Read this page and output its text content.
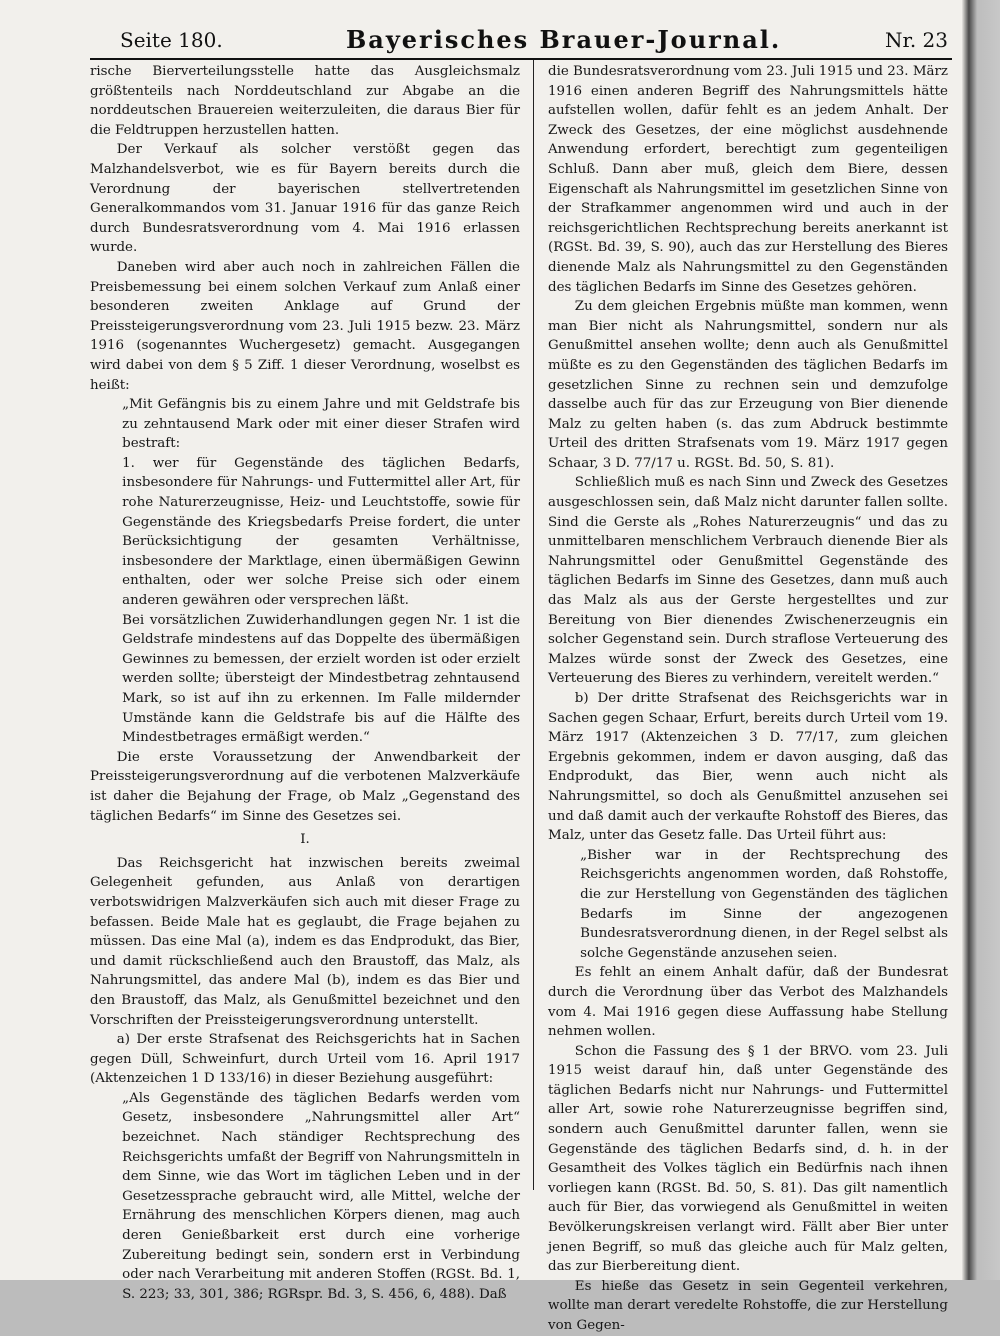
Seite 180.	Bayerisches Brauer-Journal.	Nr. 23

rische Bierverteilungsstelle hatte das Ausgleichsmalz größtenteils nach Norddeutschland zur Abgabe an die norddeutschen Brauereien weiterzuleiten, die daraus Bier für die Feldtruppen herzustellen hatten.

Der Verkauf als solcher verstößt gegen das Malzhandelsverbot, wie es für Bayern bereits durch die Verordnung der bayerischen stellvertretenden Generalkommandos vom 31. Januar 1916 für das ganze Reich durch Bundesratsverordnung vom 4. Mai 1916 erlassen wurde.

Daneben wird aber auch noch in zahlreichen Fällen die Preisbemessung bei einem solchen Verkauf zum Anlaß einer besonderen zweiten Anklage auf Grund der Preissteigerungsverordnung vom 23. Juli 1915 bezw. 23. März 1916 (sogenanntes Wuchergesetz) gemacht. Ausgegangen wird dabei von dem § 5 Ziff. 1 dieser Verordnung, woselbst es heißt:

„Mit Gefängnis bis zu einem Jahre und mit Geldstrafe bis zu zehntausend Mark oder mit einer dieser Strafen wird bestraft:

1. wer für Gegenstände des täglichen Bedarfs, insbesondere für Nahrungs- und Futtermittel aller Art, für rohe Naturerzeugnisse, Heiz- und Leuchtstoffe, sowie für Gegenstände des Kriegsbedarfs Preise fordert, die unter Berücksichtigung der gesamten Verhältnisse, insbesondere der Marktlage, einen übermäßigen Gewinn enthalten, oder wer solche Preise sich oder einem anderen gewähren oder versprechen läßt.

Bei vorsätzlichen Zuwiderhandlungen gegen Nr. 1 ist die Geldstrafe mindestens auf das Doppelte des übermäßigen Gewinnes zu bemessen, der erzielt worden ist oder erzielt werden sollte; übersteigt der Mindestbetrag zehntausend Mark, so ist auf ihn zu erkennen. Im Falle mildernder Umstände kann die Geldstrafe bis auf die Hälfte des Mindestbetrages ermäßigt werden.“

Die erste Voraussetzung der Anwendbarkeit der Preissteigerungsverordnung auf die verbotenen Malzverkäufe ist daher die Bejahung der Frage, ob Malz „Gegenstand des täglichen Bedarfs“ im Sinne des Gesetzes sei.

I.

Das Reichsgericht hat inzwischen bereits zweimal Gelegenheit gefunden, aus Anlaß von derartigen verbotswidrigen Malzverkäufen sich auch mit dieser Frage zu befassen. Beide Male hat es geglaubt, die Frage bejahen zu müssen. Das eine Mal (a), indem es das Endprodukt, das Bier, und damit rückschließend auch den Braustoff, das Malz, als Nahrungsmittel, das andere Mal (b), indem es das Bier und den Braustoff, das Malz, als Genußmittel bezeichnet und den Vorschriften der Preissteigerungsverordnung unterstellt.

a) Der erste Strafsenat des Reichsgerichts hat in Sachen gegen Düll, Schweinfurt, durch Urteil vom 16. April 1917 (Aktenzeichen 1 D 133/16) in dieser Beziehung ausgeführt:

„Als Gegenstände des täglichen Bedarfs werden vom Gesetz, insbesondere „Nahrungsmittel aller Art“ bezeichnet. Nach ständiger Rechtsprechung des Reichsgerichts umfaßt der Begriff von Nahrungsmitteln in dem Sinne, wie das Wort im täglichen Leben und in der Gesetzessprache gebraucht wird, alle Mittel, welche der Ernährung des menschlichen Körpers dienen, mag auch deren Genießbarkeit erst durch eine vorherige Zubereitung bedingt sein, sondern erst in Verbindung oder nach Verarbeitung mit anderen Stoffen (RGSt. Bd. 1, S. 223; 33, 301, 386; RGRspr. Bd. 3, S. 456, 6, 488). Daß

die Bundesratsverordnung vom 23. Juli 1915 und 23. März 1916 einen anderen Begriff des Nahrungsmittels hätte aufstellen wollen, dafür fehlt es an jedem Anhalt. Der Zweck des Gesetzes, der eine möglichst ausdehnende Anwendung erfordert, berechtigt zum gegenteiligen Schluß. Dann aber muß, gleich dem Biere, dessen Eigenschaft als Nahrungsmittel im gesetzlichen Sinne von der Strafkammer angenommen wird und auch in der reichsgerichtlichen Rechtsprechung bereits anerkannt ist (RGSt. Bd. 39, S. 90), auch das zur Herstellung des Bieres dienende Malz als Nahrungsmittel zu den Gegenständen des täglichen Bedarfs im Sinne des Gesetzes gehören.

Zu dem gleichen Ergebnis müßte man kommen, wenn man Bier nicht als Nahrungsmittel, sondern nur als Genußmittel ansehen wollte; denn auch als Genußmittel müßte es zu den Gegenständen des täglichen Bedarfs im gesetzlichen Sinne zu rechnen sein und demzufolge dasselbe auch für das zur Erzeugung von Bier dienende Malz zu gelten haben (s. das zum Abdruck bestimmte Urteil des dritten Strafsenats vom 19. März 1917 gegen Schaar, 3 D. 77/17 u. RGSt. Bd. 50, S. 81).

Schließlich muß es nach Sinn und Zweck des Gesetzes ausgeschlossen sein, daß Malz nicht darunter fallen sollte. Sind die Gerste als „Rohes Naturerzeugnis“ und das zu unmittelbaren menschlichem Verbrauch dienende Bier als Nahrungsmittel oder Genußmittel Gegenstände des täglichen Bedarfs im Sinne des Gesetzes, dann muß auch das Malz als aus der Gerste hergestelltes und zur Bereitung von Bier dienendes Zwischenerzeugnis ein solcher Gegenstand sein. Durch straflose Verteuerung des Malzes würde sonst der Zweck des Gesetzes, eine Verteuerung des Bieres zu verhindern, vereitelt werden.“

b) Der dritte Strafsenat des Reichsgerichts war in Sachen gegen Schaar, Erfurt, bereits durch Urteil vom 19. März 1917 (Aktenzeichen 3 D. 77/17, zum gleichen Ergebnis gekommen, indem er davon ausging, daß das Endprodukt, das Bier, wenn auch nicht als Nahrungsmittel, so doch als Genußmittel anzusehen sei und daß damit auch der verkaufte Rohstoff des Bieres, das Malz, unter das Gesetz falle. Das Urteil führt aus:

„Bisher war in der Rechtsprechung des Reichsgerichts angenommen worden, daß Rohstoffe, die zur Herstellung von Gegenständen des täglichen Bedarfs im Sinne der angezogenen Bundesratsverordnung dienen, in der Regel selbst als solche Gegenstände anzusehen seien.

Es fehlt an einem Anhalt dafür, daß der Bundesrat durch die Verordnung über das Verbot des Malzhandels vom 4. Mai 1916 gegen diese Auffassung habe Stellung nehmen wollen.

Schon die Fassung des § 1 der BRVO. vom 23. Juli 1915 weist darauf hin, daß unter Gegenstände des täglichen Bedarfs nicht nur Nahrungs- und Futtermittel aller Art, sowie rohe Naturerzeugnisse begriffen sind, sondern auch Genußmittel darunter fallen, wenn sie Gegenstände des täglichen Bedarfs sind, d. h. in der Gesamtheit des Volkes täglich ein Bedürfnis nach ihnen vorliegen kann (RGSt. Bd. 50, S. 81). Das gilt namentlich auch für Bier, das vorwiegend als Genußmittel in weiten Bevölkerungskreisen verlangt wird. Fällt aber Bier unter jenen Begriff, so muß das gleiche auch für Malz gelten, das zur Bierbereitung dient.

Es hieße das Gesetz in sein Gegenteil verkehren, wollte man derart veredelte Rohstoffe, die zur Herstellung von Gegen-
